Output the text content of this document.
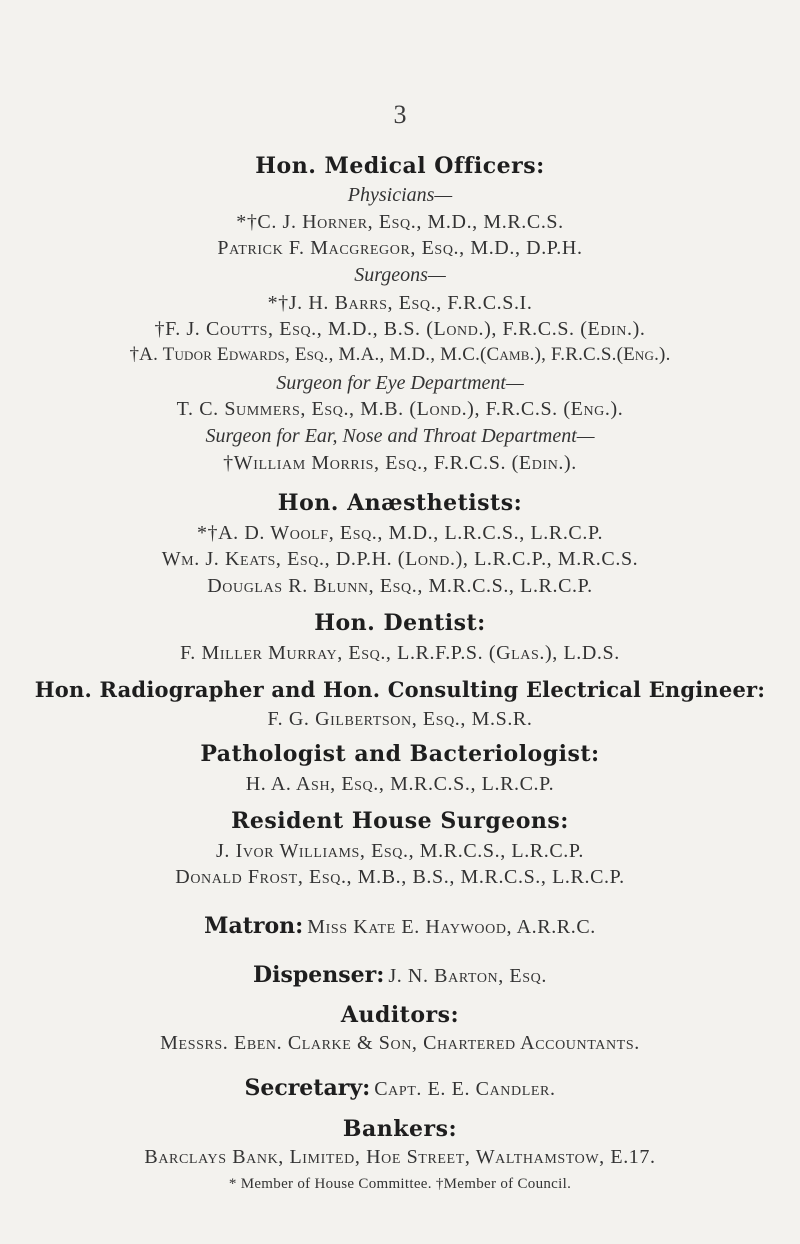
3
Hon. Medical Officers:
Physicians—
*†C. J. Horner, Esq., M.D., M.R.C.S.
Patrick F. Macgregor, Esq., M.D., D.P.H.
Surgeons—
*†J. H. Barrs, Esq., F.R.C.S.I.
†F. J. Coutts, Esq., M.D., B.S. (Lond.), F.R.C.S. (Edin.).
†A. Tudor Edwards, Esq., M.A., M.D., M.C.(Camb.), F.R.C.S.(Eng.).
Surgeon for Eye Department—
T. C. Summers, Esq., M.B. (Lond.), F.R.C.S. (Eng.).
Surgeon for Ear, Nose and Throat Department—
†William Morris, Esq., F.R.C.S. (Edin.).
Hon. Anæsthetists:
*†A. D. Woolf, Esq., M.D., L.R.C.S., L.R.C.P.
Wm. J. Keats, Esq., D.P.H. (Lond.), L.R.C.P., M.R.C.S.
Douglas R. Blunn, Esq., M.R.C.S., L.R.C.P.
Hon. Dentist:
F. Miller Murray, Esq., L.R.F.P.S. (Glas.), L.D.S.
Hon. Radiographer and Hon. Consulting Electrical Engineer:
F. G. Gilbertson, Esq., M.S.R.
Pathologist and Bacteriologist:
H. A. Ash, Esq., M.R.C.S., L.R.C.P.
Resident House Surgeons:
J. Ivor Williams, Esq., M.R.C.S., L.R.C.P.
Donald Frost, Esq., M.B., B.S., M.R.C.S., L.R.C.P.
Matron: Miss Kate E. Haywood, A.R.R.C.
Dispenser: J. N. Barton, Esq.
Auditors:
Messrs. Eben. Clarke & Son, Chartered Accountants.
Secretary: Capt. E. E. Candler.
Bankers:
Barclays Bank, Limited, Hoe Street, Walthamstow, E.17.
* Member of House Committee. †Member of Council.
